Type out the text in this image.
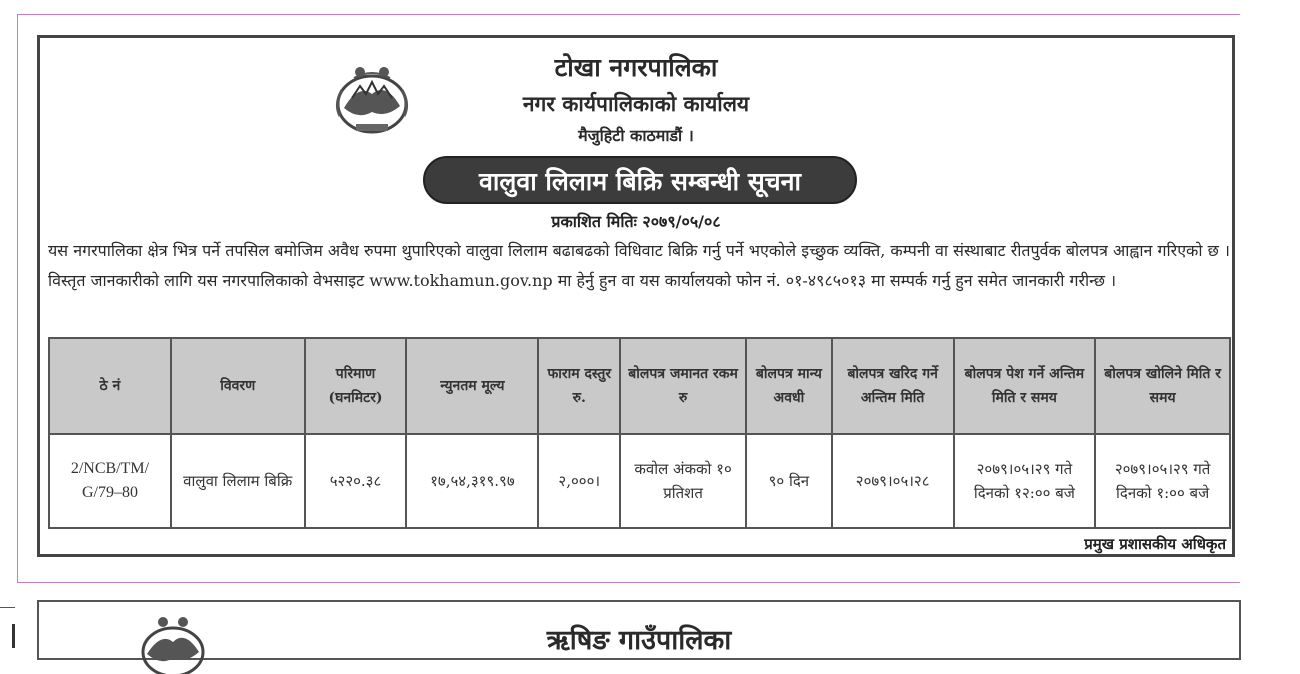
टोखा नगरपालिका
नगर कार्यपालिकाको कार्यालय
मैजुहिटी काठमाडौं ।
वालुवा लिलाम बिक्रि सम्बन्धी सूचना
प्रकाशित मितिः २०७९/०५/०८
यस नगरपालिका क्षेत्र भित्र पर्ने तपसिल बमोजिम अवैध रुपमा थुपारिएको वालुवा लिलाम बढाबढको विधिवाट बिक्रि गर्नु पर्ने भएकोले इच्छुक व्यक्ति, कम्पनी वा संस्थाबाट रीतपुर्वक बोलपत्र आह्वान गरिएको छ । विस्तृत जानकारीको लागि यस नगरपालिकाको वेभसाइट www.tokhamun.gov.np मा हेर्नु हुन वा यस कार्यालयको फोन नं. ०१-४९८५०१३ मा सम्पर्क गर्नु हुन समेत जानकारी गरीन्छ ।
ठे नं	विवरण	परिमाण (घनमिटर)	न्युनतम मूल्य	फाराम दस्तुर रु.	बोलपत्र जमानत रकम रु	बोलपत्र मान्य अवधी	बोलपत्र खरिद गर्ने अन्तिम मिति	बोलपत्र पेश गर्ने अन्तिम मिति र समय	बोलपत्र खोलिने मिति र समय
2/NCB/TM/ G/79–80	वालुवा लिलाम बिक्रि	५२२०.३८	१७,५४,३१९.९७	२,०००।	कवोल अंकको १० प्रतिशत	९० दिन	२०७९।०५।२८	२०७९।०५।२९ गते दिनको १२:०० बजे	२०७९।०५।२९ गते दिनको १:०० बजे
प्रमुख प्रशासकीय अधिकृत
ऋषिङ गाउँपालिका
